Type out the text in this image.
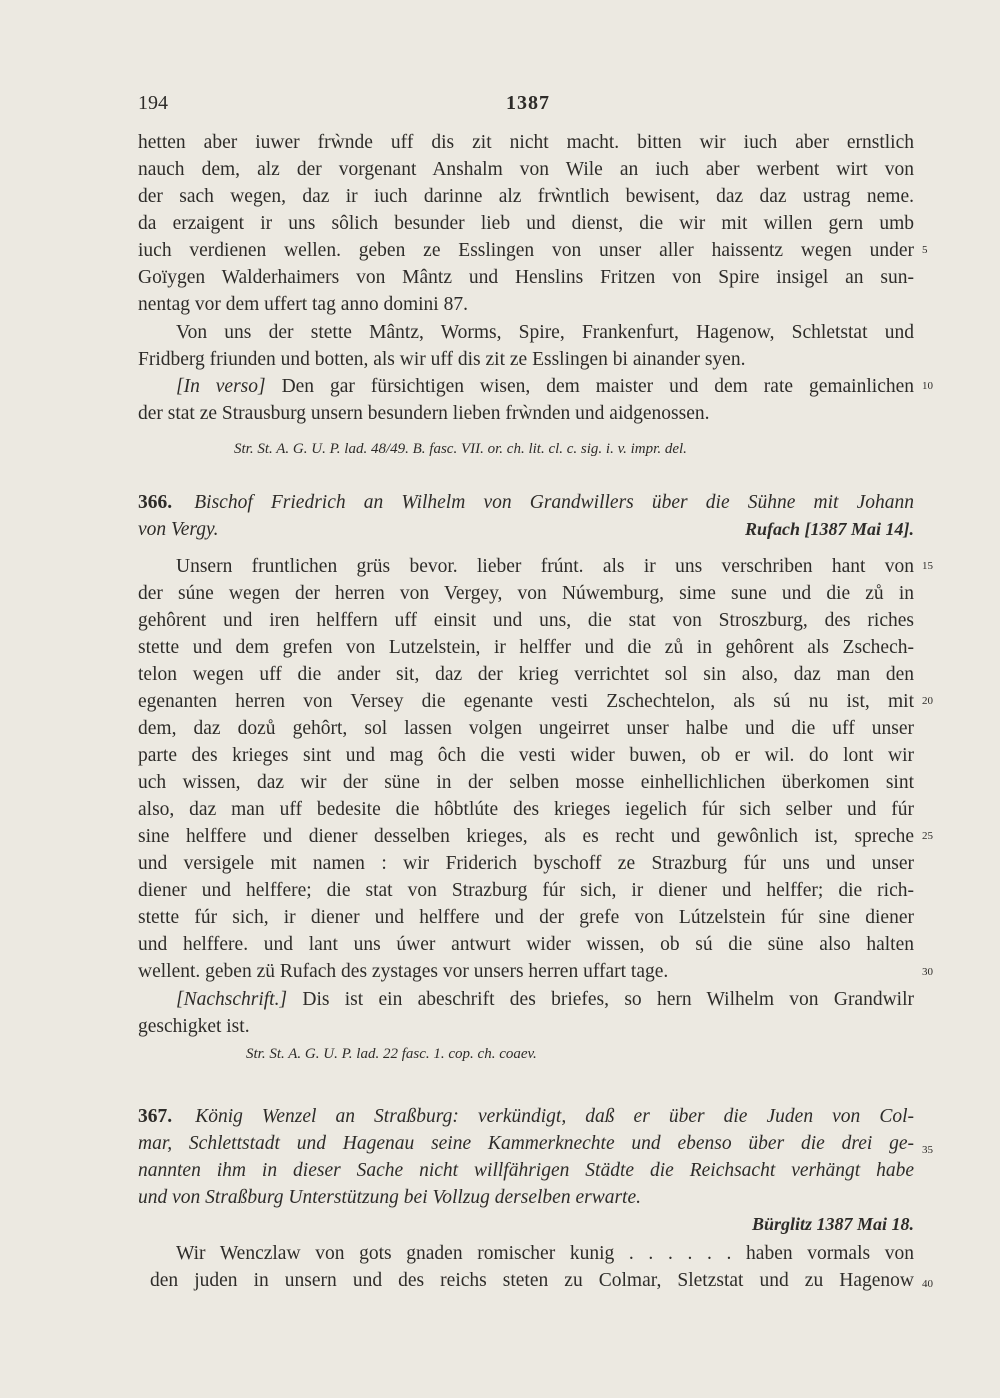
194	1387
hetten aber iuwer frẁnde uff dis zit nicht macht. bitten wir iuch aber ernstlich
nauch dem, alz der vorgenant Anshalm von Wile an iuch aber werbent wirt von
der sach wegen, daz ir iuch darinne alz frẁntlich bewisent, daz daz ustrag neme.
da erzaigent ir uns sôlich besunder lieb und dienst, die wir mit willen gern umb
iuch verdienen wellen. geben ze Esslingen von unser aller haissentz wegen under
Goïygen Walderhaimers von Mântz und Henslins Fritzen von Spire insigel an sun-
nentag vor dem uffert tag anno domini 87.
Von uns der stette Mântz, Worms, Spire, Frankenfurt, Hagenow, Schletstat und
Fridberg friunden und botten, als wir uff dis zit ze Esslingen bi ainander syen.
[In verso] Den gar fürsichtigen wisen, dem maister und dem rate gemainlichen
der stat ze Strausburg unsern besundern lieben frẁnden und aidgenossen.
Str. St. A. G. U. P. lad. 48/49. B. fasc. VII. or. ch. lit. cl. c. sig. i. v. impr. del.
366. Bischof Friedrich an Wilhelm von Grandwillers über die Sühne mit Johann
von Vergy.	Rufach [1387 Mai 14].
Unsern fruntlichen grüs bevor. lieber frúnt. als ir uns verschriben hant von
der súne wegen der herren von Vergey, von Núwemburg, sime sune und die zů in
gehôrent und iren helffern uff einsit und uns, die stat von Stroszburg, des riches
stette und dem grefen von Lutzelstein, ir helffer und die zů in gehôrent als Zschech-
telon wegen uff die ander sit, daz der krieg verrichtet sol sin also, daz man den
egenanten herren von Versey die egenante vesti Zschechtelon, als sú nu ist, mit
dem, daz dozů gehôrt, sol lassen volgen ungeirret unser halbe und die uff unser
parte des krieges sint und mag ôch die vesti wider buwen, ob er wil. do lont wir
uch wissen, daz wir der süne in der selben mosse einhellichlichen überkomen sint
also, daz man uff bedesite die hôbtlúte des krieges iegelich fúr sich selber und fúr
sine helffere und diener desselben krieges, als es recht und gewônlich ist, spreche
und versigele mit namen : wir Friderich byschoff ze Strazburg fúr uns und unser
diener und helffere; die stat von Strazburg fúr sich, ir diener und helffer; die rich-
stette fúr sich, ir diener und helffere und der grefe von Lútzelstein fúr sine diener
und helffere. und lant uns úwer antwurt wider wissen, ob sú die süne also halten
wellent. geben zü Rufach des zystages vor unsers herren uffart tage.
[Nachschrift.] Dis ist ein abeschrift des briefes, so hern Wilhelm von Grandwilr
geschigket ist.
Str. St. A. G. U. P. lad. 22 fasc. 1. cop. ch. coaev.
367. König Wenzel an Straßburg: verkündigt, daß er über die Juden von Col-
mar, Schlettstadt und Hagenau seine Kammerknechte und ebenso über die drei ge-
nannten ihm in dieser Sache nicht willfährigen Städte die Reichsacht verhängt habe
und von Straßburg Unterstützung bei Vollzug derselben erwarte.
Bürglitz 1387 Mai 18.
Wir Wenczlaw von gots gnaden romischer kunig . . . . . . haben vormals von
den juden in unsern und des reichs steten zu Colmar, Sletzstat und zu Hagenow
5
10
15
20
25
30
35
40
